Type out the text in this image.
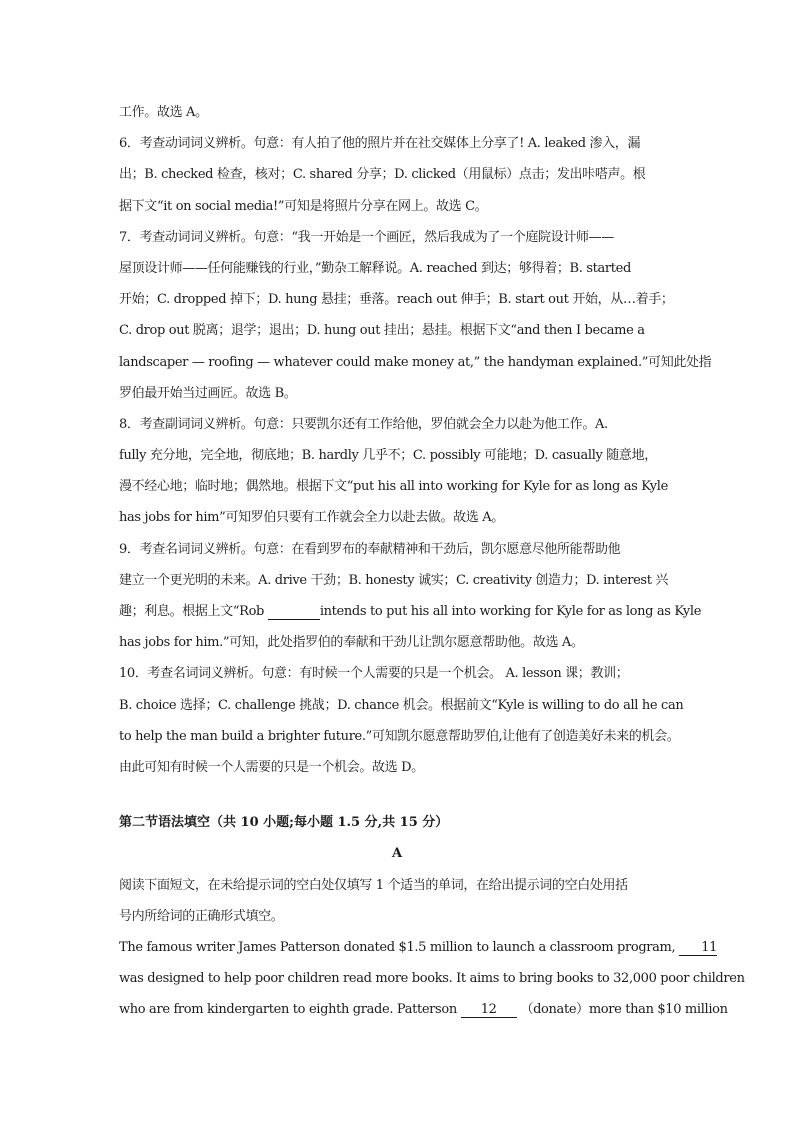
工作。故选 A。
6．考查动词词义辨析。句意：有人拍了他的照片并在社交媒体上分享了! A. leaked 渗入，漏
出；B. checked 检查，核对；C. shared 分享；D. clicked（用鼠标）点击；发出咔嗒声。根
据下文“it on social media!”可知是将照片分享在网上。故选 C。
7．考查动词词义辨析。句意：“我一开始是一个画匠，然后我成为了一个庭院设计师——
屋顶设计师——任何能赚钱的行业，”勤杂工解释说。A. reached 到达；够得着；B. started
开始；C. dropped 掉下；D. hung 悬挂；垂落。reach out 伸手；B. start out 开始，从…着手；
C. drop out 脱离；退学；退出；D. hung out 挂出；悬挂。根据下文“and then I became a
landscaper — roofing — whatever could make money at,” the handyman explained.”可知此处指
罗伯最开始当过画匠。故选 B。
8．考查副词词义辨析。句意：只要凯尔还有工作给他，罗伯就会全力以赴为他工作。A.
fully 充分地，完全地，彻底地；B. hardly 几乎不；C. possibly 可能地；D. casually 随意地，
漫不经心地；临时地；偶然地。根据下文“put his all into working for Kyle for as long as Kyle
has jobs for him”可知罗伯只要有工作就会全力以赴去做。故选 A。
9．考查名词词义辨析。句意：在看到罗布的奉献精神和干劲后，凯尔愿意尽他所能帮助他
建立一个更光明的未来。A. drive 干劲；B. honesty 诚实；C. creativity 创造力；D. interest 兴
趣；利息。根据上文“Rob	intends to put his all into working for Kyle for as long as Kyle
has jobs for him.”可知，此处指罗伯的奉献和干劲儿让凯尔愿意帮助他。故选 A。
10．考查名词词义辨析。句意：有时候一个人需要的只是一个机会。 A. lesson 课；教训；
B. choice 选择；C. challenge 挑战；D. chance 机会。根据前文“Kyle is willing to do all he can
to help the man build a brighter future.”可知凯尔愿意帮助罗伯,让他有了创造美好未来的机会。
由此可知有时候一个人需要的只是一个机会。故选 D。
第二节语法填空（共 10 小题;每小题 1.5 分,共 15 分）
A
阅读下面短文，在未给提示词的空白处仅填写 1 个适当的单词，在给出提示词的空白处用括
号内所给词的正确形式填空。
The famous writer James Patterson donated $1.5 million to launch a classroom program, 11
was designed to help poor children read more books. It aims to bring books to 32,000 poor children
who are from kindergarten to eighth grade. Patterson 12 （donate）more than $10 million
